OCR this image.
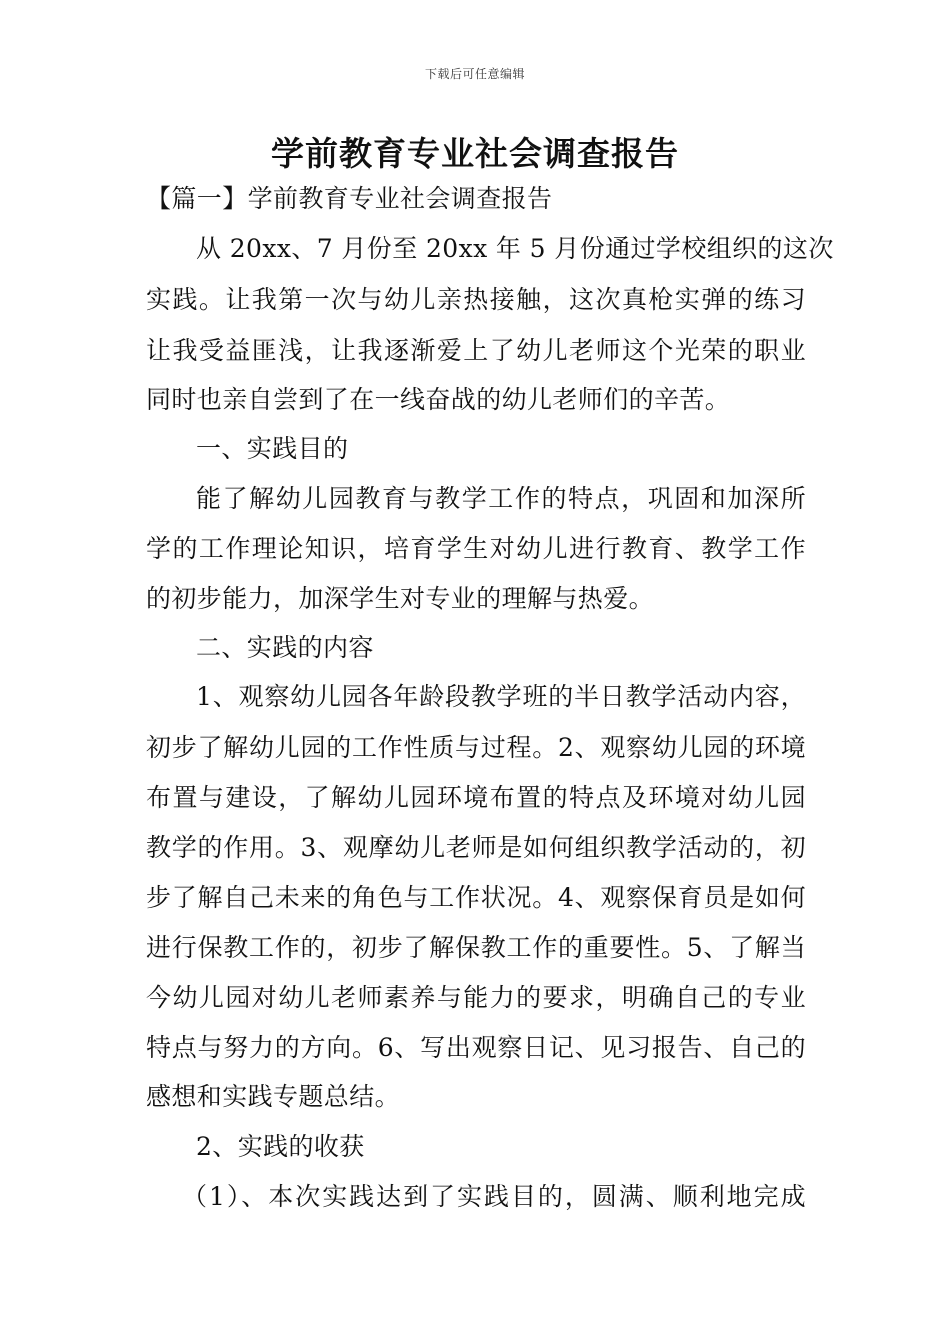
下载后可任意编辑
学前教育专业社会调查报告
【篇一】学前教育专业社会调查报告
从 20xx、7 月份至 20xx 年 5 月份通过学校组织的这次
实践。让我第一次与幼儿亲热接触，这次真枪实弹的练习
让我受益匪浅，让我逐渐爱上了幼儿老师这个光荣的职业
同时也亲自尝到了在一线奋战的幼儿老师们的辛苦。
一、实践目的
能了解幼儿园教育与教学工作的特点，巩固和加深所
学的工作理论知识，培育学生对幼儿进行教育、教学工作
的初步能力，加深学生对专业的理解与热爱。
二、实践的内容
1、观察幼儿园各年龄段教学班的半日教学活动内容，
初步了解幼儿园的工作性质与过程。2、观察幼儿园的环境
布置与建设，了解幼儿园环境布置的特点及环境对幼儿园
教学的作用。3、观摩幼儿老师是如何组织教学活动的，初
步了解自己未来的角色与工作状况。4、观察保育员是如何
进行保教工作的，初步了解保教工作的重要性。5、了解当
今幼儿园对幼儿老师素养与能力的要求，明确自己的专业
特点与努力的方向。6、写出观察日记、见习报告、自己的
感想和实践专题总结。
2、实践的收获
（1）、本次实践达到了实践目的，圆满、顺利地完成
